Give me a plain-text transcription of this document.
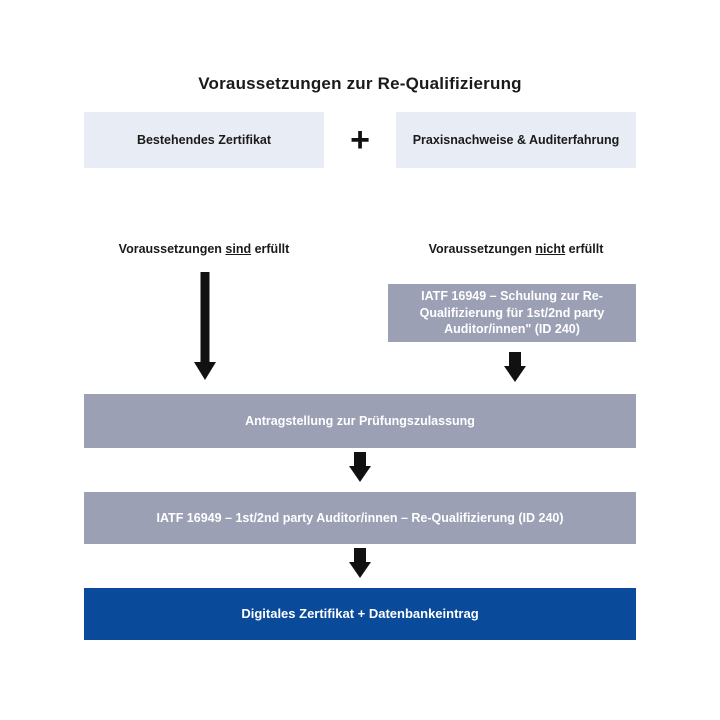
Voraussetzungen zur Re-Qualifizierung
Bestehendes Zertifikat	+	Praxisnachweise & Auditerfahrung
Voraussetzungen sind erfüllt	Voraussetzungen nicht erfüllt
IATF 16949 – Schulung zur Re-Qualifizierung für 1st/2nd party Auditor/innen" (ID 240)
Antragstellung zur Prüfungszulassung
IATF 16949 – 1st/2nd party Auditor/innen – Re-Qualifizierung (ID 240)
Digitales Zertifikat + Datenbankeintrag
